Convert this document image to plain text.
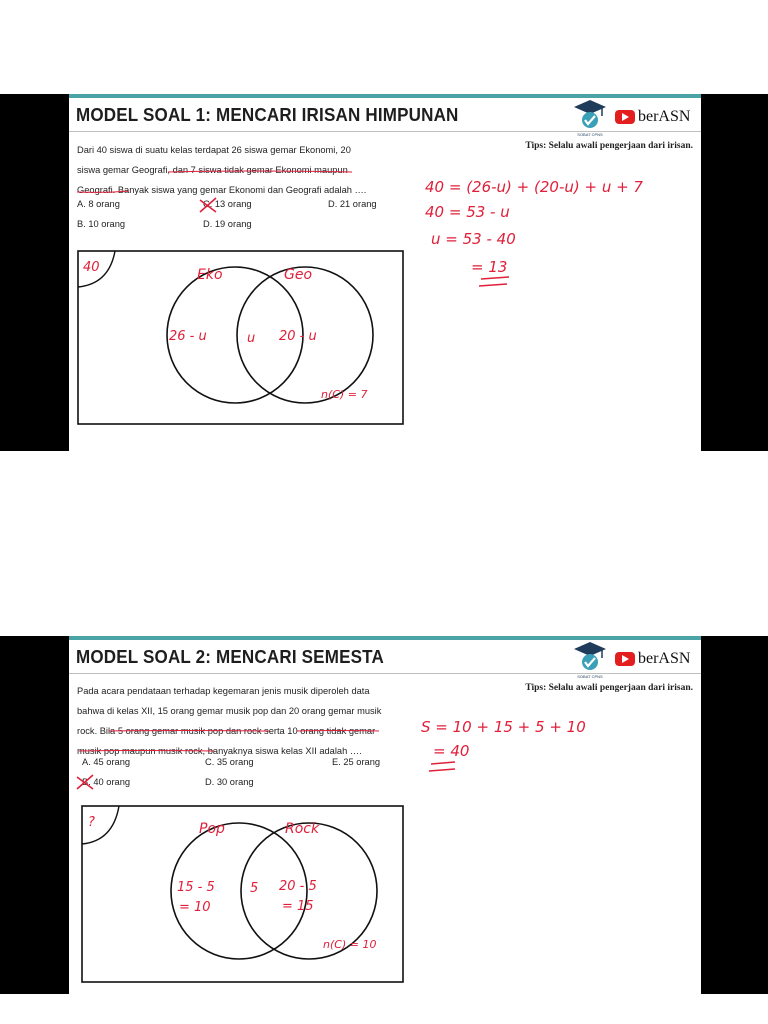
MODEL SOAL 1: MENCARI IRISAN HIMPUNAN
SOBAT CPNS
berASN
Tips: Selalu awali pengerjaan dari irisan.
Dari 40 siswa di suatu kelas terdapat 26 siswa gemar Ekonomi, 20
siswa gemar Geografi, dan 7 siswa tidak gemar Ekonomi maupun
Geografi. Banyak siswa yang gemar Ekonomi dan Geografi adalah ….
A. 8 orang	C. 13 orang	D. 21 orang
B. 10 orang	D. 19 orang
40 = (26-u) + (20-u) + u + 7
40 = 53 - u
u = 53 - 40
= 13
40	Eko	Geo
26 - u	u 20 - u
n(C) = 7
MODEL SOAL 2: MENCARI SEMESTA
SOBAT CPNS
berASN
Tips: Selalu awali pengerjaan dari irisan.
Pada acara pendataan terhadap kegemaran jenis musik diperoleh data
bahwa di kelas XII, 15 orang gemar musik pop dan 20 orang gemar musik
rock. Bila 5 orang gemar musik pop dan rock serta 10 orang tidak gemar
musik pop maupun musik rock, banyaknya siswa kelas XII adalah ….
A. 45 orang	C. 35 orang	E. 25 orang
B. 40 orang	D. 30 orang
S = 10 + 15 + 5 + 10
= 40
?	Pop	Rock
15 - 5
= 10
5 20 - 5
= 15
n(C) = 10
